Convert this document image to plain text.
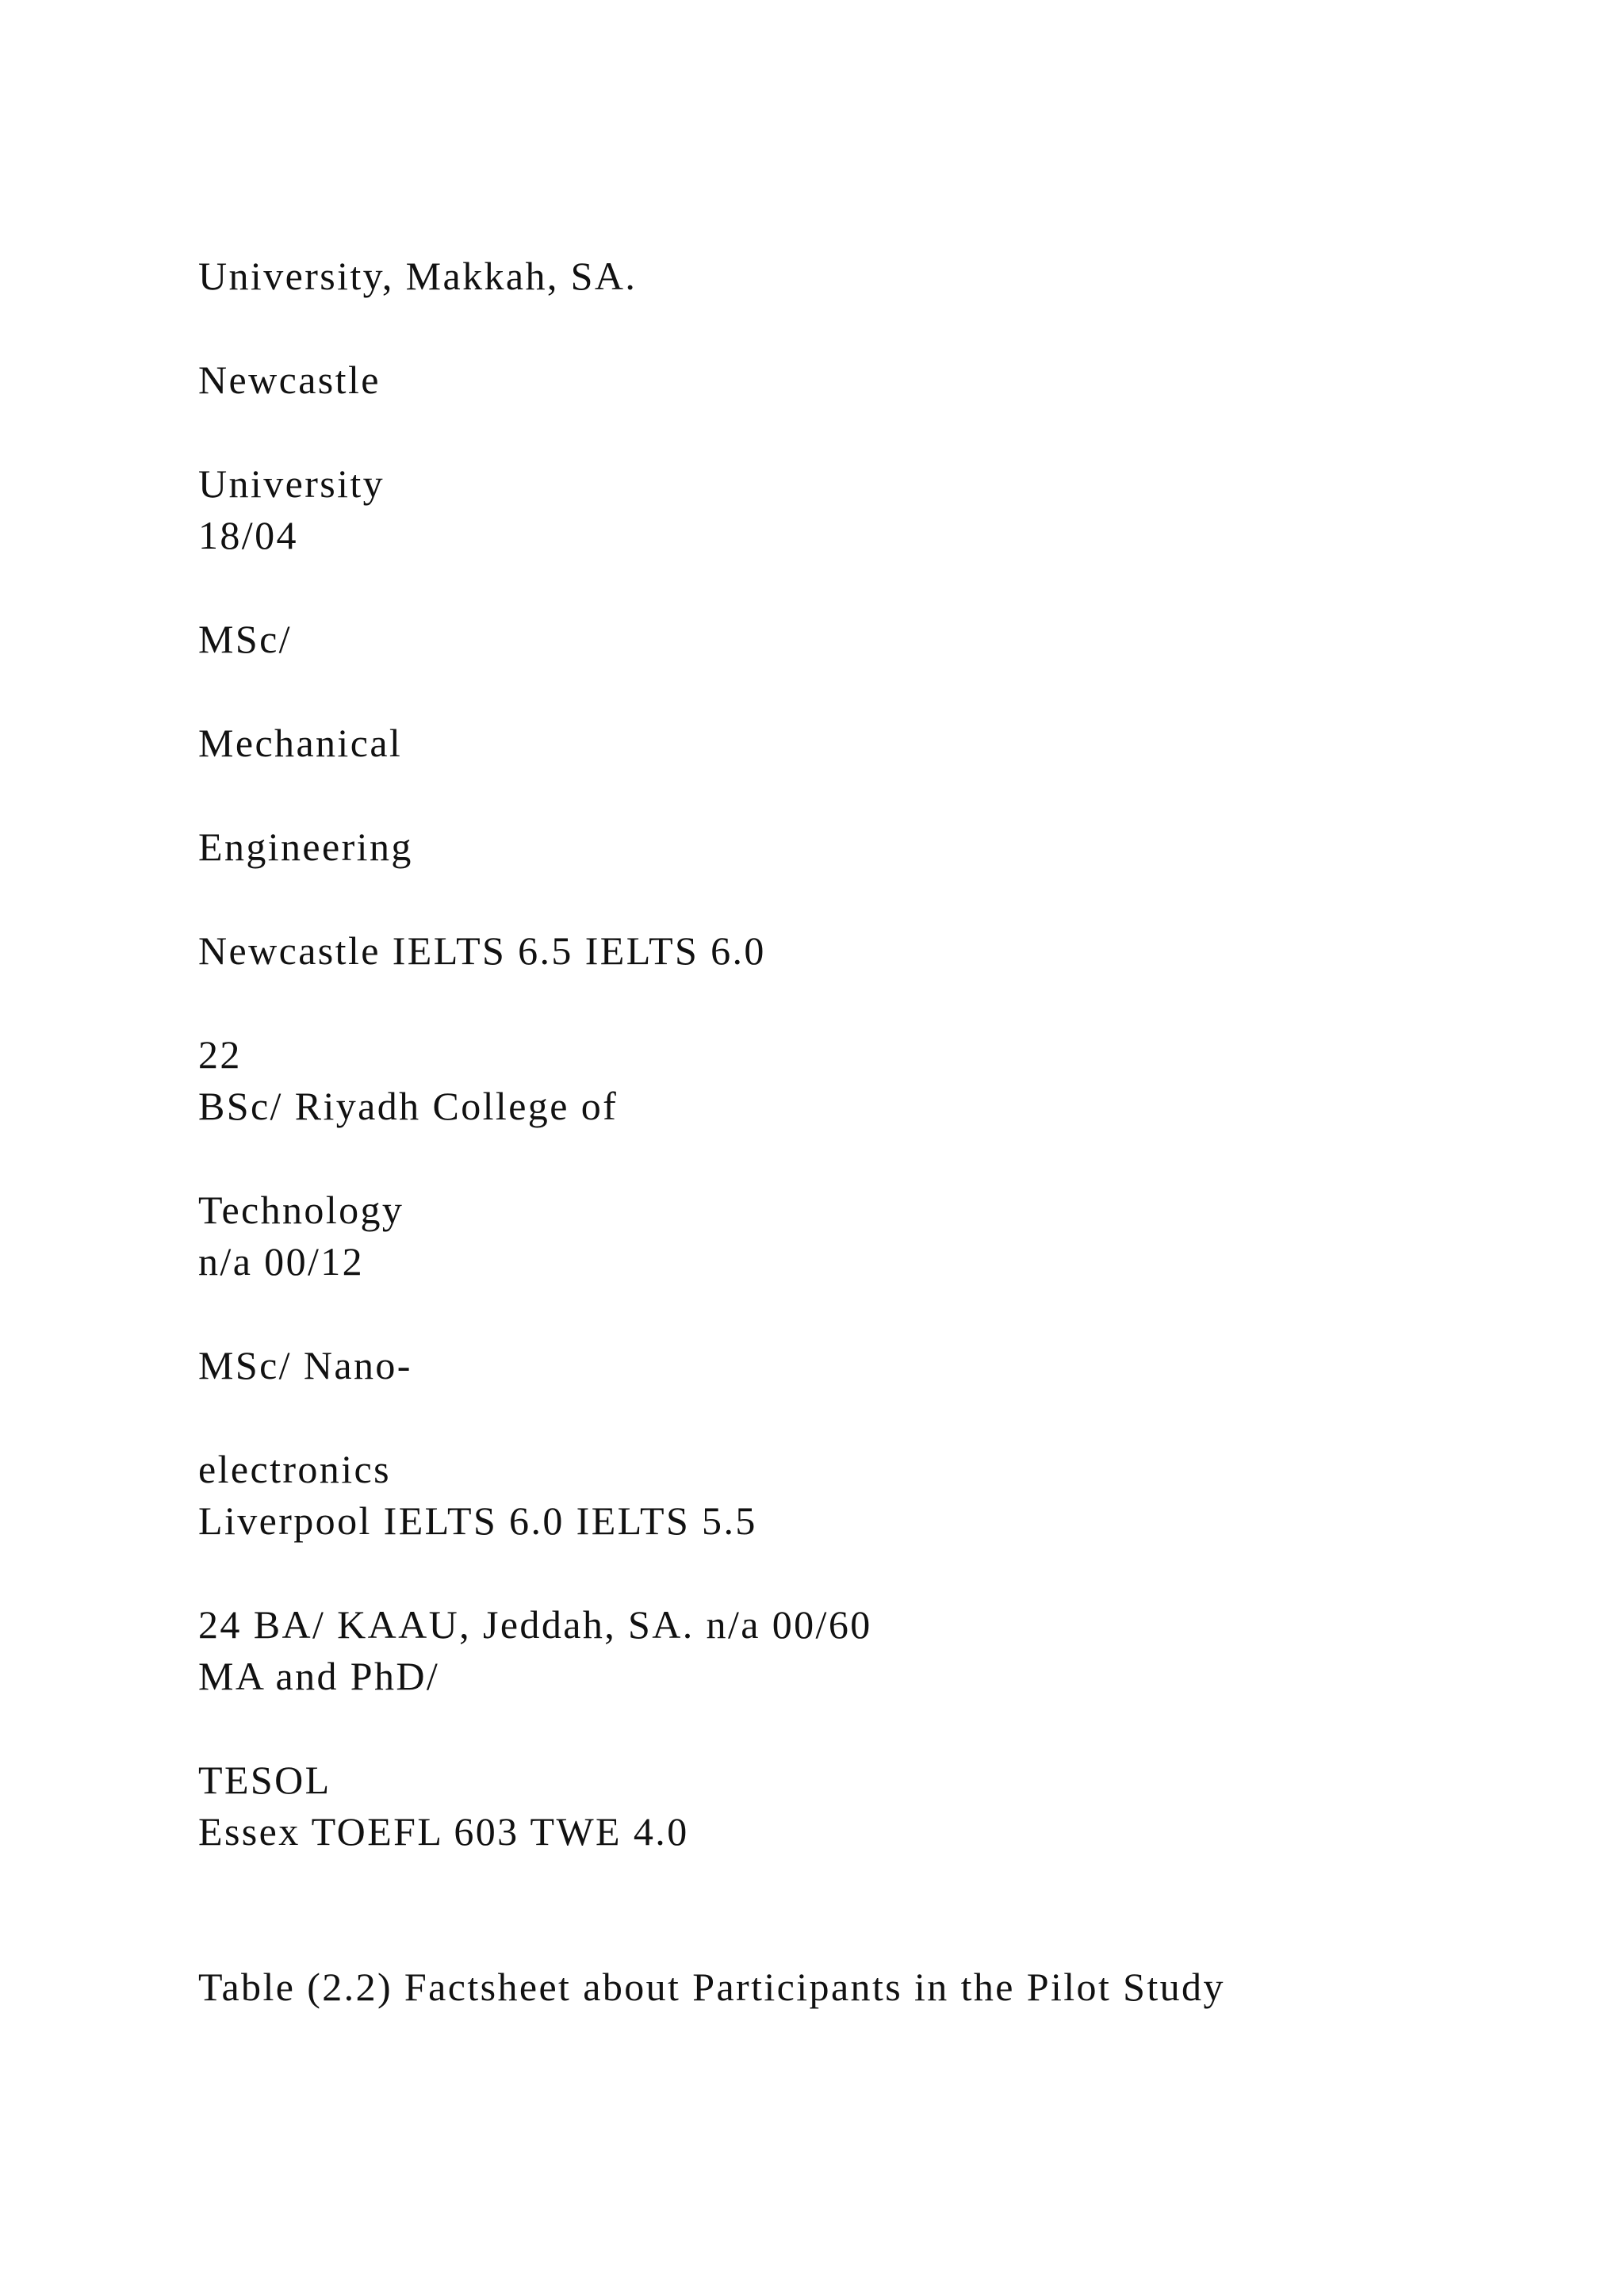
University, Makkah, SA.
Newcastle
University
18/04
MSc/
Mechanical
Engineering
Newcastle IELTS 6.5 IELTS 6.0
22
BSc/ Riyadh College of
Technology
n/a 00/12
MSc/ Nano-
electronics
Liverpool IELTS 6.0 IELTS 5.5
24 BA/ KAAU, Jeddah, SA. n/a 00/60
MA and PhD/
TESOL
Essex TOEFL 603 TWE 4.0
Table (2.2) Factsheet about Participants in the Pilot Study
